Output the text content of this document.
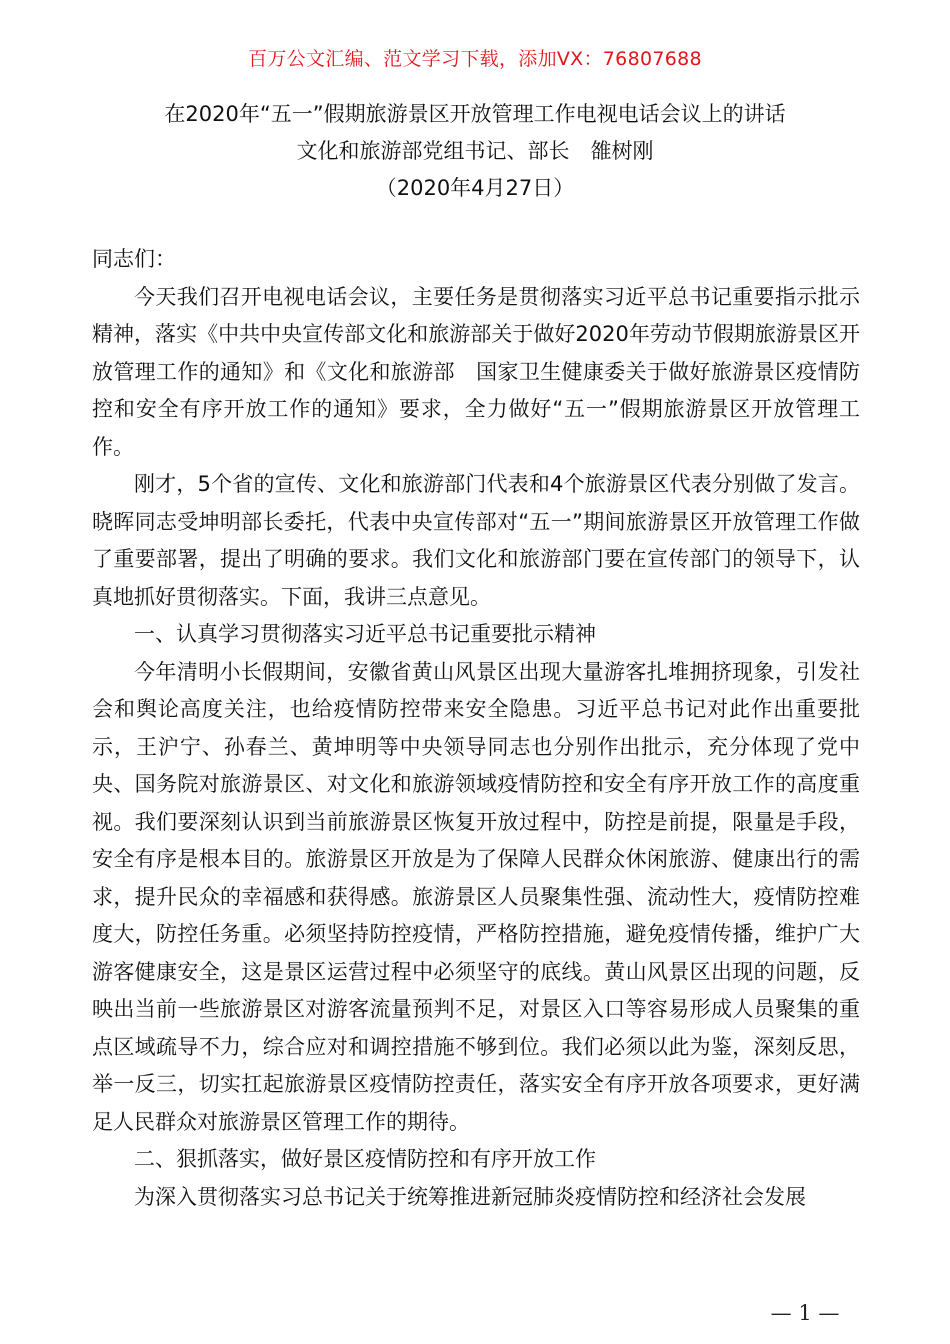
百万公文汇编、范文学习下载，添加VX：76807688
在2020年“五一”假期旅游景区开放管理工作电视电话会议上的讲话
文化和旅游部党组书记、部长　雒树刚
（2020年4月27日）

同志们：

今天我们召开电视电话会议，主要任务是贯彻落实习近平总书记重要指示批示精神，落实《中共中央宣传部文化和旅游部关于做好2020年劳动节假期旅游景区开放管理工作的通知》和《文化和旅游部　国家卫生健康委关于做好旅游景区疫情防控和安全有序开放工作的通知》要求，全力做好“五一”假期旅游景区开放管理工作。

刚才，5个省的宣传、文化和旅游部门代表和4个旅游景区代表分别做了发言。晓晖同志受坤明部长委托，代表中央宣传部对“五一”期间旅游景区开放管理工作做了重要部署，提出了明确的要求。我们文化和旅游部门要在宣传部门的领导下，认真地抓好贯彻落实。下面，我讲三点意见。

一、认真学习贯彻落实习近平总书记重要批示精神

今年清明小长假期间，安徽省黄山风景区出现大量游客扎堆拥挤现象，引发社会和舆论高度关注，也给疫情防控带来安全隐患。习近平总书记对此作出重要批示，王沪宁、孙春兰、黄坤明等中央领导同志也分别作出批示，充分体现了党中央、国务院对旅游景区、对文化和旅游领域疫情防控和安全有序开放工作的高度重视。我们要深刻认识到当前旅游景区恢复开放过程中，防控是前提，限量是手段，安全有序是根本目的。旅游景区开放是为了保障人民群众休闲旅游、健康出行的需求，提升民众的幸福感和获得感。旅游景区人员聚集性强、流动性大，疫情防控难度大，防控任务重。必须坚持防控疫情，严格防控措施，避免疫情传播，维护广大游客健康安全，这是景区运营过程中必须坚守的底线。黄山风景区出现的问题，反映出当前一些旅游景区对游客流量预判不足，对景区入口等容易形成人员聚集的重点区域疏导不力，综合应对和调控措施不够到位。我们必须以此为鉴，深刻反思，举一反三，切实扛起旅游景区疫情防控责任，落实安全有序开放各项要求，更好满足人民群众对旅游景区管理工作的期待。

二、狠抓落实，做好景区疫情防控和有序开放工作

为深入贯彻落实习总书记关于统筹推进新冠肺炎疫情防控和经济社会发展

— 1 —
